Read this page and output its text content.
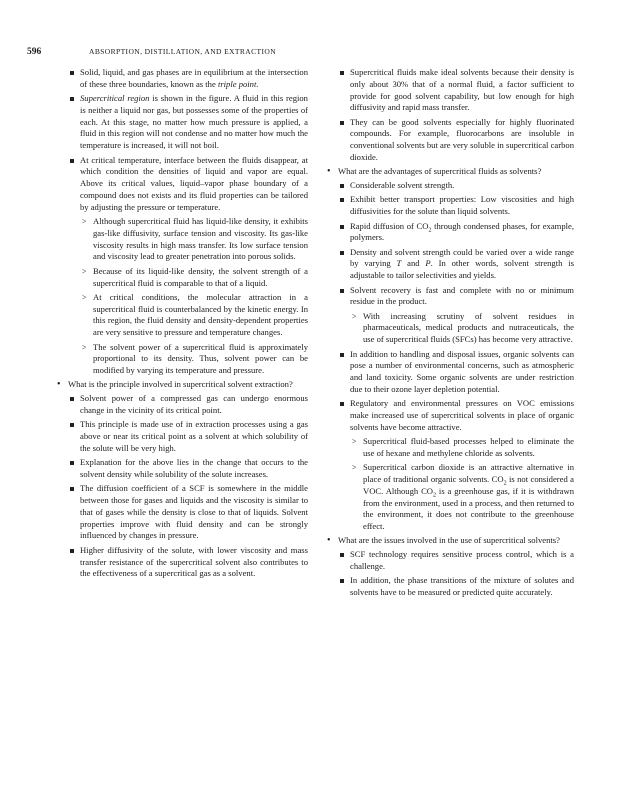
596	ABSORPTION, DISTILLATION, AND EXTRACTION
Solid, liquid, and gas phases are in equilibrium at the intersection of these three boundaries, known as the triple point.
Supercritical region is shown in the figure. A fluid in this region is neither a liquid nor gas, but possesses some of the properties of each. At this stage, no matter how much pressure is applied, a fluid in this region will not condense and no matter how much the temperature is increased, it will not boil.
At critical temperature, interface between the fluids disappear, at which condition the densities of liquid and vapor are equal. Above its critical values, liquid–vapor phase boundary of a compound does not exists and its fluid properties can be tailored by adjusting the pressure or temperature.
> Although supercritical fluid has liquid-like density, it exhibits gas-like diffusivity, surface tension and viscosity. Its gas-like viscosity results in high mass transfer. Its low surface tension and viscosity lead to greater penetration into porous solids.
> Because of its liquid-like density, the solvent strength of a supercritical fluid is comparable to that of a liquid.
> At critical conditions, the molecular attraction in a supercritical fluid is counterbalanced by the kinetic energy. In this region, the fluid density and density-dependent properties are very sensitive to pressure and temperature changes.
> The solvent power of a supercritical fluid is approximately proportional to its density. Thus, solvent power can be modified by varying its temperature and pressure.
• What is the principle involved in supercritical solvent extraction?
Solvent power of a compressed gas can undergo enormous change in the vicinity of its critical point.
This principle is made use of in extraction processes using a gas above or near its critical point as a solvent at which solubility of the solute will be very high.
Explanation for the above lies in the change that occurs to the solvent density while solubility of the solute increases.
The diffusion coefficient of a SCF is somewhere in the middle between those for gases and liquids and the viscosity is similar to that of gases while the density is close to that of liquids. Solvent properties improve with fluid density and can be strongly influenced by changes in pressure.
Higher diffusivity of the solute, with lower viscosity and mass transfer resistance of the supercritical solvent also contributes to the effectiveness of a supercritical gas as a solvent.
Supercritical fluids make ideal solvents because their density is only about 30% that of a normal fluid, a factor sufficient to provide for good solvent capability, but low enough for high diffusivity and rapid mass transfer.
They can be good solvents especially for highly fluorinated compounds. For example, fluorocarbons are insoluble in conventional solvents but are very soluble in supercritical carbon dioxide.
• What are the advantages of supercritical fluids as solvents?
Considerable solvent strength.
Exhibit better transport properties: Low viscosities and high diffusivities for the solute than liquid solvents.
Rapid diffusion of $CO_2$ through condensed phases, for example, polymers.
Density and solvent strength could be varied over a wide range by varying T and P. In other words, solvent strength is adjustable to tailor selectivities and yields.
Solvent recovery is fast and complete with no or minimum residue in the product.
> With increasing scrutiny of solvent residues in pharmaceuticals, medical products and nutraceuticals, the use of supercritical fluids (SFCs) has become very attractive.
In addition to handling and disposal issues, organic solvents can pose a number of environmental concerns, such as atmospheric and land toxicity. Some organic solvents are under restriction due to their ozone layer depletion potential.
Regulatory and environmental pressures on VOC emissions make increased use of supercritical solvents in place of organic solvents have become attractive.
> Supercritical fluid-based processes helped to eliminate the use of hexane and methylene chloride as solvents.
> Supercritical carbon dioxide is an attractive alternative in place of traditional organic solvents. $CO_2$ is not considered a VOC. Although $CO_2$ is a greenhouse gas, if it is withdrawn from the environment, used in a process, and then returned to the environment, it does not contribute to the greenhouse effect.
• What are the issues involved in the use of supercritical solvents?
SCF technology requires sensitive process control, which is a challenge.
In addition, the phase transitions of the mixture of solutes and solvents have to be measured or predicted quite accurately.
